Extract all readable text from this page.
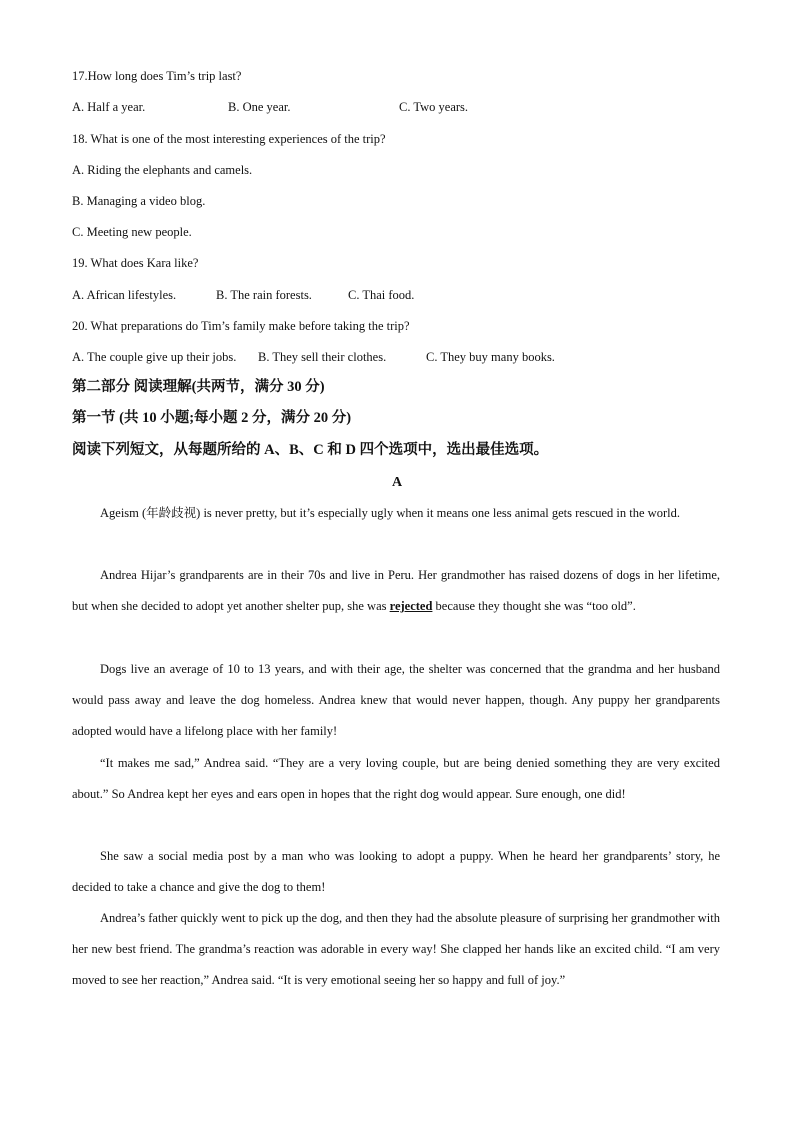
17.How long does Tim’s trip last?
A. Half a year.	B. One year.	C. Two years.
18. What is one of the most interesting experiences of the trip?
A. Riding the elephants and camels.
B. Managing a video blog.
C. Meeting new people.
19. What does Kara like?
A. African lifestyles.	B. The rain forests.	C. Thai food.
20. What preparations do Tim’s family make before taking the trip?
A. The couple give up their jobs. B. They sell their clothes.	C. They buy many books.
第二部分 阅读理解(共两节，满分 30 分)
第一节 (共 10 小题;每小题 2 分，满分 20 分)
阅读下列短文，从每题所给的 A、B、C 和 D 四个选项中，选出最佳选项。
A
Ageism (年龄歧视) is never pretty, but it’s especially ugly when it means one less animal gets rescued in the world.
Andrea Hijar’s grandparents are in their 70s and live in Peru. Her grandmother has raised dozens of dogs in her lifetime, but when she decided to adopt yet another shelter pup, she was rejected because they thought she was “too old”.
Dogs live an average of 10 to 13 years, and with their age, the shelter was concerned that the grandma and her husband would pass away and leave the dog homeless. Andrea knew that would never happen, though. Any puppy her grandparents adopted would have a lifelong place with her family!
“It makes me sad,” Andrea said. “They are a very loving couple, but are being denied something they are very excited about.” So Andrea kept her eyes and ears open in hopes that the right dog would appear. Sure enough, one did!
She saw a social media post by a man who was looking to adopt a puppy. When he heard her grandparents’ story, he decided to take a chance and give the dog to them!
Andrea’s father quickly went to pick up the dog, and then they had the absolute pleasure of surprising her grandmother with her new best friend. The grandma’s reaction was adorable in every way! She clapped her hands like an excited child. “I am very moved to see her reaction,” Andrea said. “It is very emotional seeing her so happy and full of joy.”
